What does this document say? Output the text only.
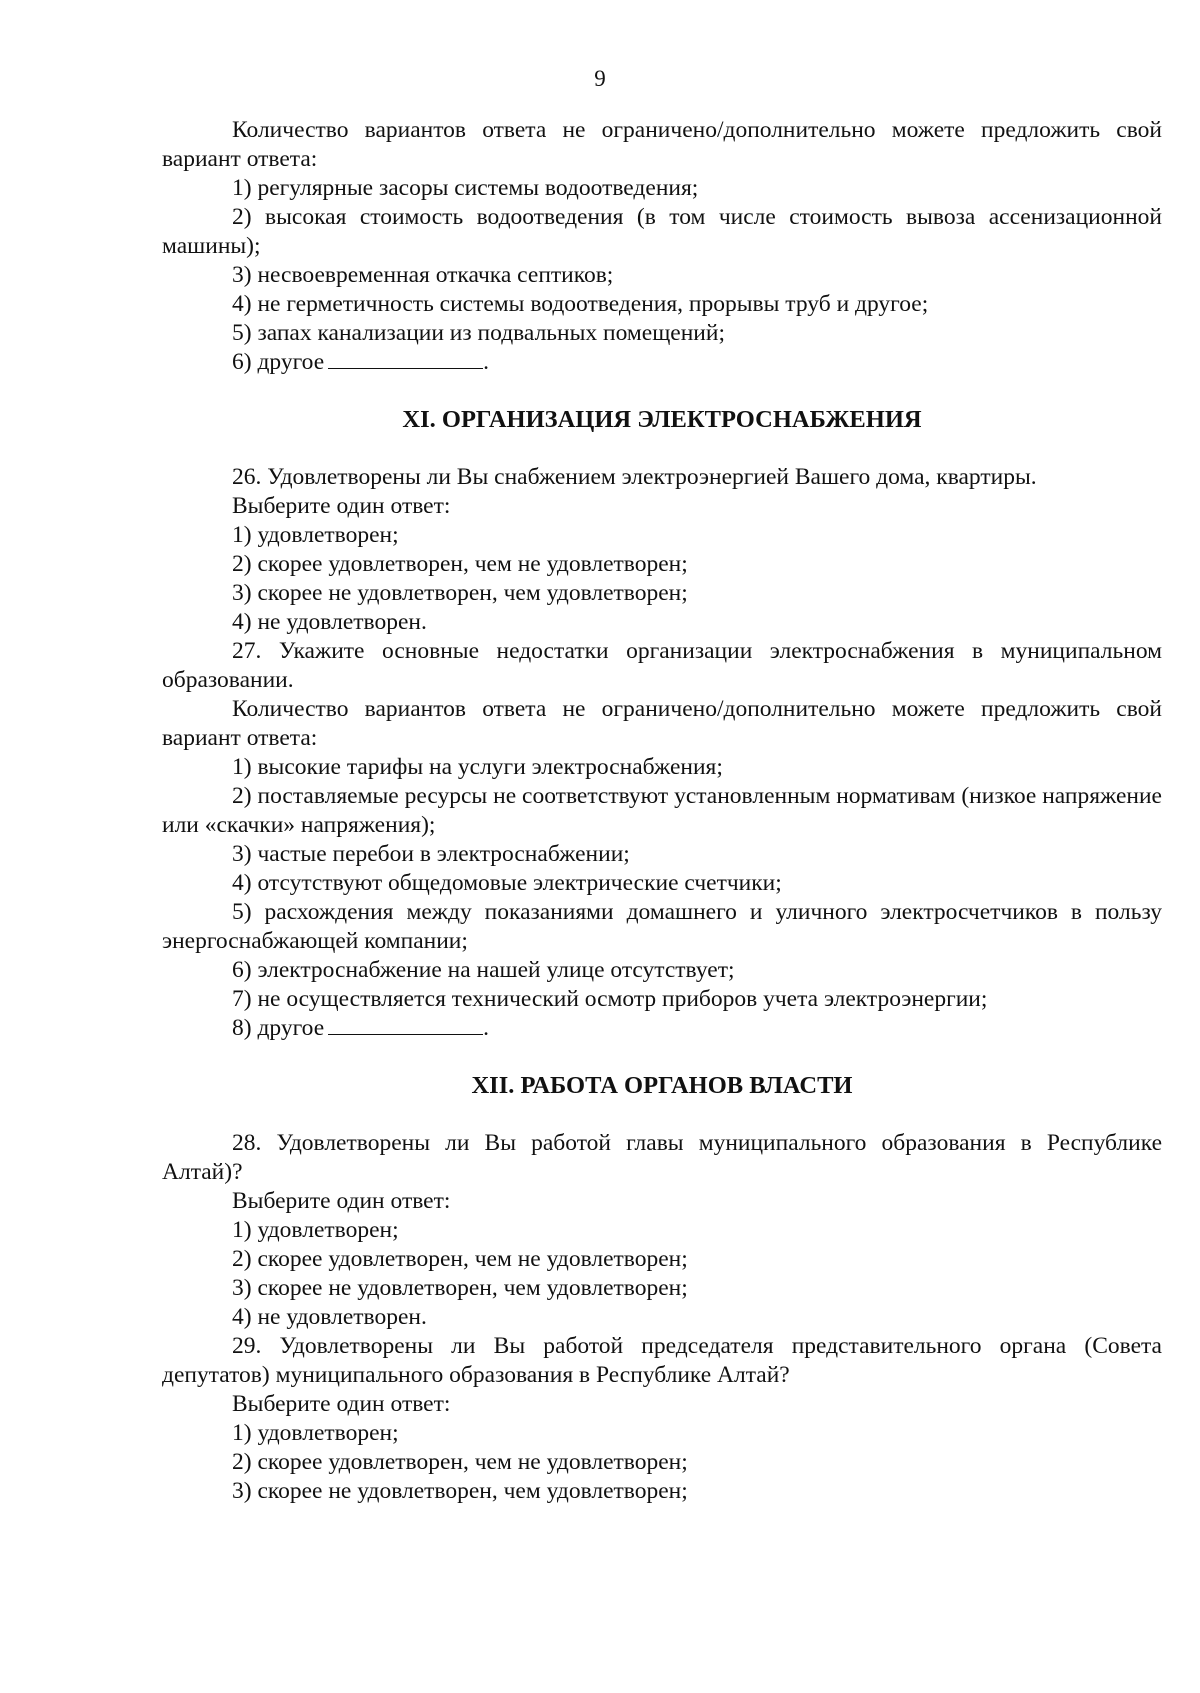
9

Количество вариантов ответа не ограничено/дополнительно можете предложить свой вариант ответа:

1) регулярные засоры системы водоотведения;

2) высокая стоимость водоотведения (в том числе стоимость вывоза ассенизационной машины);

3) несвоевременная откачка септиков;

4) не герметичность системы водоотведения, прорывы труб и другое;

5) запах канализации из подвальных помещений;

6) другое	.

XI. ОРГАНИЗАЦИЯ ЭЛЕКТРОСНАБЖЕНИЯ

26. Удовлетворены ли Вы снабжением электроэнергией Вашего дома, квартиры.

Выберите один ответ:

1) удовлетворен;

2) скорее удовлетворен, чем не удовлетворен;

3) скорее не удовлетворен, чем удовлетворен;

4) не удовлетворен.

27. Укажите основные недостатки организации электроснабжения в муниципальном образовании.

Количество вариантов ответа не ограничено/дополнительно можете предложить свой вариант ответа:

1) высокие тарифы на услуги электроснабжения;

2) поставляемые ресурсы не соответствуют установленным нормативам (низкое напряжение или «скачки» напряжения);

3) частые перебои в электроснабжении;

4) отсутствуют общедомовые электрические счетчики;

5) расхождения между показаниями домашнего и уличного электросчетчиков в пользу энергоснабжающей компании;

6) электроснабжение на нашей улице отсутствует;

7) не осуществляется технический осмотр приборов учета электроэнергии;

8) другое	.

XII. РАБОТА ОРГАНОВ ВЛАСТИ

28. Удовлетворены ли Вы работой главы муниципального образования в Республике Алтай)?

Выберите один ответ:

1) удовлетворен;

2) скорее удовлетворен, чем не удовлетворен;

3) скорее не удовлетворен, чем удовлетворен;

4) не удовлетворен.

29. Удовлетворены ли Вы работой председателя представительного органа (Совета депутатов) муниципального образования в Республике Алтай?

Выберите один ответ:

1) удовлетворен;

2) скорее удовлетворен, чем не удовлетворен;

3) скорее не удовлетворен, чем удовлетворен;
